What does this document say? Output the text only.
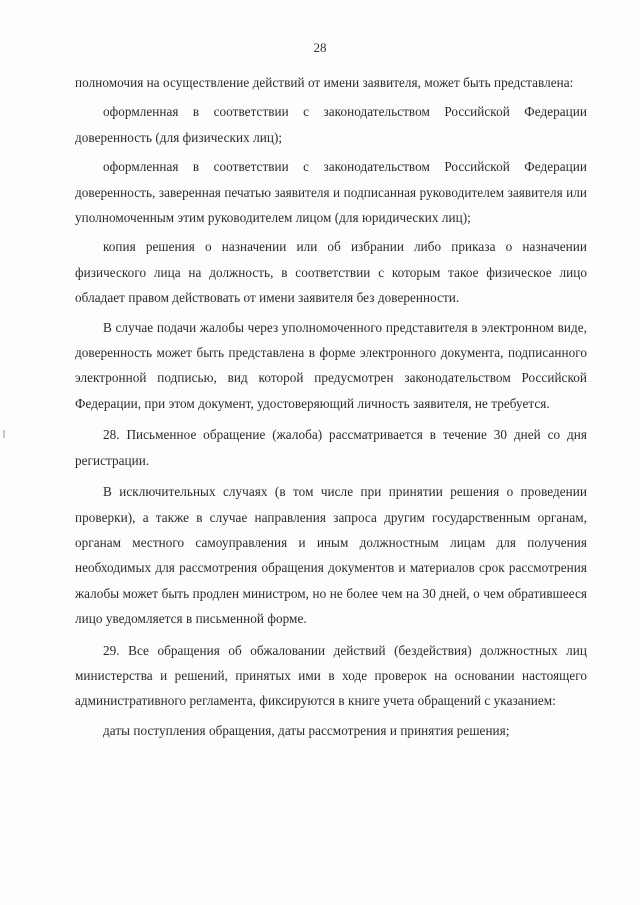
28

полномочия на осуществление действий от имени заявителя, может быть представлена:

оформленная в соответствии с законодательством Российской Федерации доверенность (для физических лиц);

оформленная в соответствии с законодательством Российской Федерации доверенность, заверенная печатью заявителя и подписанная руководителем заявителя или уполномоченным этим руководителем лицом (для юридических лиц);

копия решения о назначении или об избрании либо приказа о назначении физического лица на должность, в соответствии с которым такое физическое лицо обладает правом действовать от имени заявителя без доверенности.

В случае подачи жалобы через уполномоченного представителя в электронном виде, доверенность может быть представлена в форме электронного документа, подписанного электронной подписью, вид которой предусмотрен законодательством Российской Федерации, при этом документ, удостоверяющий личность заявителя, не требуется.

28. Письменное обращение (жалоба) рассматривается в течение 30 дней со дня регистрации.

В исключительных случаях (в том числе при принятии решения о проведении проверки), а также в случае направления запроса другим государственным органам, органам местного самоуправления и иным должностным лицам для получения необходимых для рассмотрения обращения документов и материалов срок рассмотрения жалобы может быть продлен министром, но не более чем на 30 дней, о чем обратившееся лицо уведомляется в письменной форме.

29. Все обращения об обжаловании действий (бездействия) должностных лиц министерства и решений, принятых ими в ходе проверок на основании настоящего административного регламента, фиксируются в книге учета обращений с указанием:

даты поступления обращения, даты рассмотрения и принятия решения;
